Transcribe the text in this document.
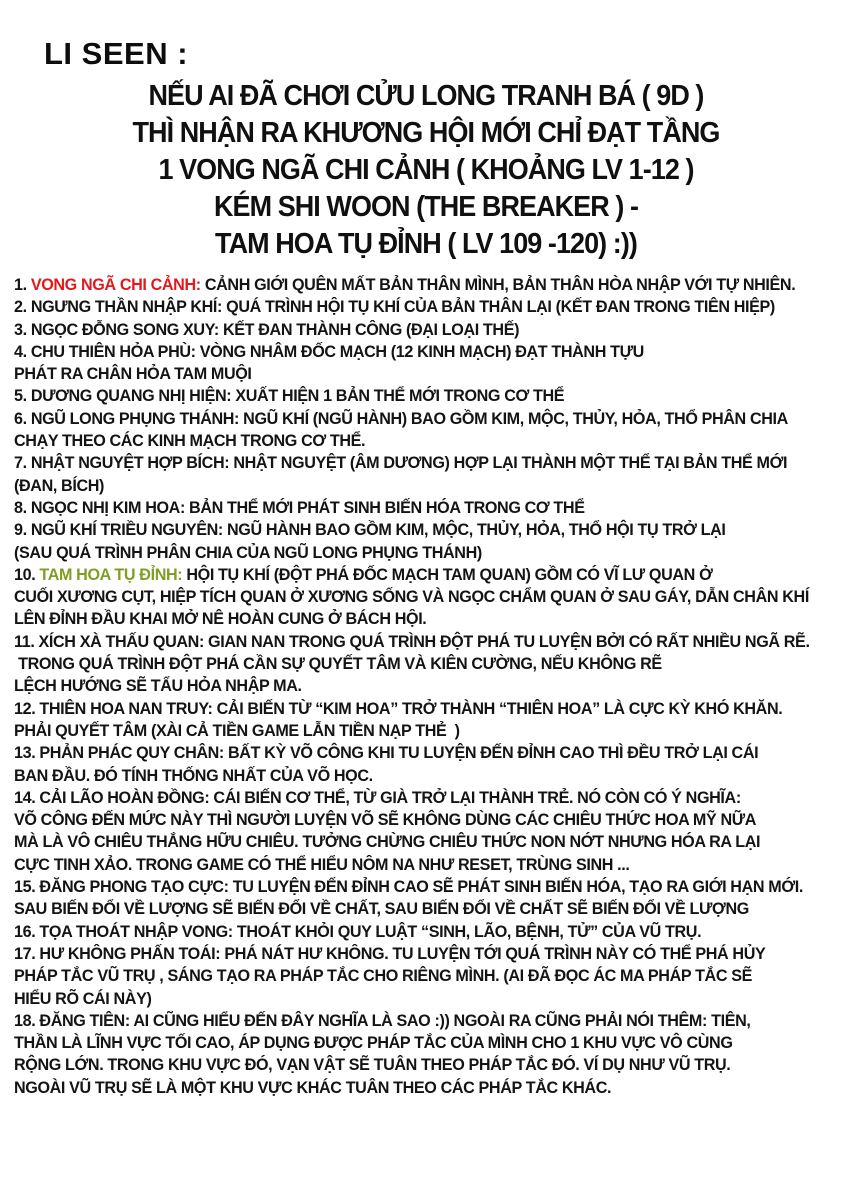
LI SEEN :
NẾU AI ĐÃ CHƠI CỬU LONG TRANH BÁ ( 9D )
THÌ NHẬN RA KHƯƠNG HỘI MỚI CHỈ ĐẠT TẦNG
1 VONG NGÃ CHI CẢNH ( KHOẢNG LV 1-12 )
KÉM SHI WOON (THE BREAKER ) -
TAM HOA TỤ ĐỈNH ( LV 109 -120) :))
1. VONG NGÃ CHI CẢNH: CẢNH GIỚI QUÊN MẤT BẢN THÂN MÌNH, BẢN THÂN HÒA NHẬP VỚI TỰ NHIÊN.
2. NGƯNG THẦN NHẬP KHÍ: QUÁ TRÌNH HỘI TỤ KHÍ CỦA BẢN THÂN LẠI (KẾT ĐAN TRONG TIÊN HIỆP)
3. NGỌC ĐỖNG SONG XUY: KẾT ĐAN THÀNH CÔNG (ĐẠI LOẠI THẾ)
4. CHU THIÊN HỎA PHÙ: VÒNG NHÂM ĐỐC MẠCH (12 KINH MẠCH) ĐẠT THÀNH TỰU
PHÁT RA CHÂN HỎA TAM MUỘI
5. DƯƠNG QUANG NHỊ HIỆN: XUẤT HIỆN 1 BẢN THỂ MỚI TRONG CƠ THỂ
6. NGŨ LONG PHỤNG THÁNH: NGŨ KHÍ (NGŨ HÀNH) BAO GỒM KIM, MỘC, THỦY, HỎA, THỔ PHÂN CHIA
CHẠY THEO CÁC KINH MẠCH TRONG CƠ THỂ.
7. NHẬT NGUYỆT HỢP BÍCH: NHẬT NGUYỆT (ÂM DƯƠNG) HỢP LẠI THÀNH MỘT THỂ TẠI BẢN THỂ MỚI
(ĐAN, BÍCH)
8. NGỌC NHỊ KIM HOA: BẢN THỂ MỚI PHÁT SINH BIẾN HÓA TRONG CƠ THỂ
9. NGŨ KHÍ TRIỀU NGUYÊN: NGŨ HÀNH BAO GỒM KIM, MỘC, THỦY, HỎA, THỔ HỘI TỤ TRỞ LẠI
(SAU QUÁ TRÌNH PHÂN CHIA CỦA NGŨ LONG PHỤNG THÁNH)
10. TAM HOA TỤ ĐỈNH: HỘI TỤ KHÍ (ĐỘT PHÁ ĐỐC MẠCH TAM QUAN) GỒM CÓ VĨ LƯ QUAN Ở
CUỐI XƯƠNG CỤT, HIỆP TÍCH QUAN Ở XƯƠNG SỐNG VÀ NGỌC CHẨM QUAN Ở SAU GÁY, DẪN CHÂN KHÍ
LÊN ĐỈNH ĐẦU KHAI MỞ NÊ HOÀN CUNG Ở BÁCH HỘI.
11. XÍCH XÀ THẤU QUAN: GIAN NAN TRONG QUÁ TRÌNH ĐỘT PHÁ TU LUYỆN BỞI CÓ RẤT NHIỀU NGÃ RẼ.
TRONG QUÁ TRÌNH ĐỘT PHÁ CẦN SỰ QUYẾT TÂM VÀ KIÊN CƯỜNG, NẾU KHÔNG RẼ
LỆCH HƯỚNG SẼ TẨU HỎA NHẬP MA.
12. THIÊN HOA NAN TRUY: CẢI BIẾN TỪ “KIM HOA” TRỞ THÀNH “THIÊN HOA” LÀ CỰC KỲ KHÓ KHĂN.
PHẢI QUYẾT TÂM (XÀI CẢ TIỀN GAME LẪN TIỀN NẠP THẺ  )
13. PHẢN PHÁC QUY CHÂN: BẤT KỲ VÕ CÔNG KHI TU LUYỆN ĐẾN ĐỈNH CAO THÌ ĐỀU TRỞ LẠI CÁI
BAN ĐẦU. ĐÓ TÍNH THỐNG NHẤT CỦA VÕ HỌC.
14. CẢI LÃO HOÀN ĐỒNG: CÁI BIẾN CƠ THỂ, TỪ GIÀ TRỞ LẠI THÀNH TRẺ. NÓ CÒN CÓ Ý NGHĨA:
VÕ CÔNG ĐẾN MỨC NÀY THÌ NGƯỜI LUYỆN VÕ SẼ KHÔNG DÙNG CÁC CHIÊU THỨC HOA MỸ NỮA
MÀ LÀ VÔ CHIÊU THẮNG HỮU CHIÊU. TƯỞNG CHỪNG CHIÊU THỨC NON NỚT NHƯNG HÓA RA LẠI
CỰC TINH XẢO. TRONG GAME CÓ THỂ HIỂU NÔM NA NHƯ RESET, TRÙNG SINH ...
15. ĐĂNG PHONG TẠO CỰC: TU LUYỆN ĐẾN ĐỈNH CAO SẼ PHÁT SINH BIẾN HÓA, TẠO RA GIỚI HẠN MỚI.
SAU BIẾN ĐỔI VỀ LƯỢNG SẼ BIẾN ĐỔI VỀ CHẤT, SAU BIẾN ĐỔI VỀ CHẤT SẼ BIẾN ĐỔI VỀ LƯỢNG
16. TỌA THOÁT NHẬP VONG: THOÁT KHỎI QUY LUẬT “SINH, LÃO, BỆNH, TỬ” CỦA VŨ TRỤ.
17. HƯ KHÔNG PHẤN TOÁI: PHÁ NÁT HƯ KHÔNG. TU LUYỆN TỚI QUÁ TRÌNH NÀY CÓ THỂ PHÁ HỦY
PHÁP TẮC VŨ TRỤ , SÁNG TẠO RA PHÁP TẮC CHO RIÊNG MÌNH. (AI ĐÃ ĐỌC ÁC MA PHÁP TẮC SẼ
HIỂU RÕ CÁI NÀY)
18. ĐĂNG TIÊN: AI CŨNG HIỂU ĐẾN ĐÂY NGHĨA LÀ SAO :)) NGOÀI RA CŨNG PHẢI NÓI THÊM: TIÊN,
THẦN LÀ LĨNH VỰC TỐI CAO, ÁP DỤNG ĐƯỢC PHÁP TẮC CỦA MÌNH CHO 1 KHU VỰC VÔ CÙNG
RỘNG LỚN. TRONG KHU VỰC ĐÓ, VẠN VẬT SẼ TUÂN THEO PHÁP TẮC ĐÓ. VÍ DỤ NHƯ VŨ TRỤ.
NGOÀI VŨ TRỤ SẼ LÀ MỘT KHU VỰC KHÁC TUÂN THEO CÁC PHÁP TẮC KHÁC.
